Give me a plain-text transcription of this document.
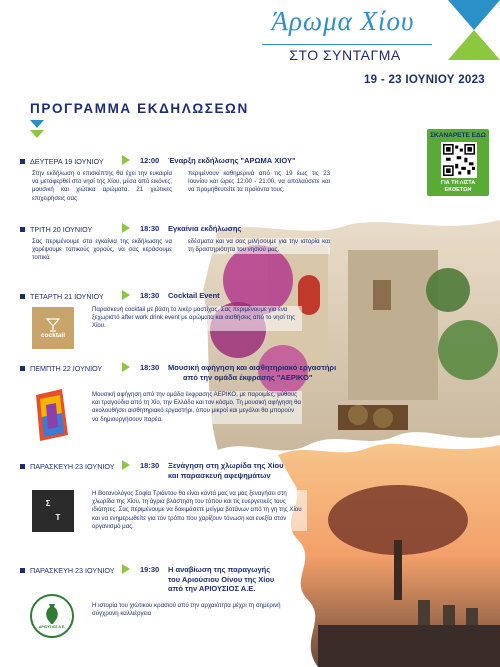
Άρωμα Χίου
ΣΤΟ ΣΥΝΤΑΓΜΑ
19 - 23 ΙΟΥΝΙΟΥ 2023
ΠΡΟΓΡΑΜΜΑ ΕΚΔΗΛΩΣΕΩΝ
ΣΚΑΝΑΡΕΤΕ ΕΔΩ
ΓΙΑ ΤΗ ΛΙΣΤΑ
ΕΚΘΕΤΩΝ
ΔΕΥΤΕΡΑ 19 ΙΟΥΝΙΟΥ	12:00 Έναρξη εκδήλωσης "ΑΡΩΜΑ ΧΙΟΥ"
Στην εκδήλωση ο επισκέπτης θα έχει την ευκαιρία να μεταφερθεί στο νησί της Χίου, μέσα από εικόνες, μουσική και χιώτικα αρώματα. 21 χιώτικες επιχειρήσεις σας
περιμένουν καθημερινά από τις 19 έως τις 23 Ιουνίου και ώρες 12:00 - 21:00, να απολαύσετε και να προμηθευτείτε τα προϊόντα τους.
ΤΡΙΤΗ 20 ΙΟΥΝΙΟΥ	18:30 Εγκαίνια εκδήλωσης
Σας περιμένουμε στα εγκαίνια της εκδήλωσης να χορέψουμε τοπικούς χορούς, να σας κεράσουμε τοπικά
εδέσματα και να σας μιλήσουμε για την ιστορία και τη δραστηριότητα του νησιού μας.
ΤΕΤΑΡΤΗ 21 ΙΟΥΝΙΟΥ	18:30 Cocktail Event
cocktail
Παρασκευή cocktail με βάση το λικέρ μαστίχας. Σας περιμένουμε για ένα ξεχωριστό after work drink event με αρώματα και αισθήσεις από το νησί της Χίου.
ΠΕΜΠΤΗ 22 ΙΟΥΝΙΟΥ	18:30 Μουσική αφήγηση και αισθητηριακό εργαστήρι
από την ομάδα έκφρασης "ΑΕΡΙΚΟ"
Μουσική αφήγηση από την ομάδα έκφρασης ΑΕΡΙΚΟ, με παροιμίες, μύθους και τραγούδια από τη Χίο, την Ελλάδα και τον κόσμο. Τη μουσική αφήγηση θα ακολουθήσει αισθητηριακό εργαστήρι, όπου μικροί και μεγάλοι θα μπορούν να δημιουργήσουν παρέα.
ΠΑΡΑΣΚΕΥΗ 23 ΙΟΥΝΙΟΥ	18:30 Ξενάγηση στη χλωρίδα της Χίου
και παρασκευή αφεψημάτων
Σ
Τ
Η Βοτανολόγος Σοφία Τριάντου θα είναι κοντά μας να μας ξεναγήσει στη χλωρίδα της Χίου, τη άγρια βλάστηση του τόπου και τις ευεργετικές τους ιδιότητες. Σας περιμένουμε να δοκιμάσετε μείγμα βοτάνων από τη γη της Χίου και να ενημερωθείτε για τον τρόπο που χαρίζουν τόνωση και ευεξία στον οργανισμό μας.
ΠΑΡΑΣΚΕΥΗ 23 ΙΟΥΝΙΟΥ	19:30 Η αναβίωση της παραγωγής
του Αριούσιου Οίνου της Χίου
από την ΑΡΙΟΥΣΙΟΣ Α.Ε.
ΑΡΙΟΥΣΙΟΣ Α.Ε.
Η ιστορία του χιώτικου κρασιού από την αρχαιότητα μέχρι τη σημερινή σύγχρονη καλλιέργεια
